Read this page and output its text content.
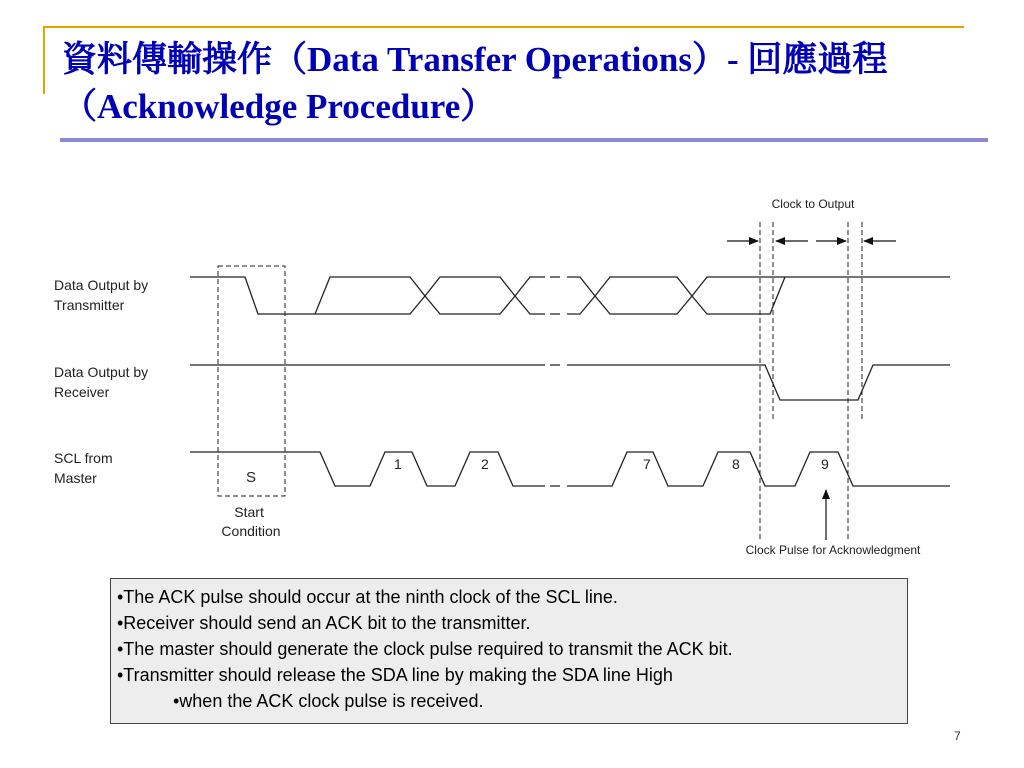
資料傳輸操作（Data Transfer Operations）- 回應過程（Acknowledge Procedure）
Data Output by Transmitter
Data Output by Receiver
SCL from Master	S
Start Condition
1	2	7	8	9
Clock to Output
Clock Pulse for Acknowledgment
•The ACK pulse should occur at the ninth clock of the SCL line.
•Receiver should send an ACK bit to the transmitter.
•The master should generate the clock pulse required to transmit the ACK bit.
•Transmitter should release the SDA line by making the SDA line High
•when the ACK clock pulse is received.
7
